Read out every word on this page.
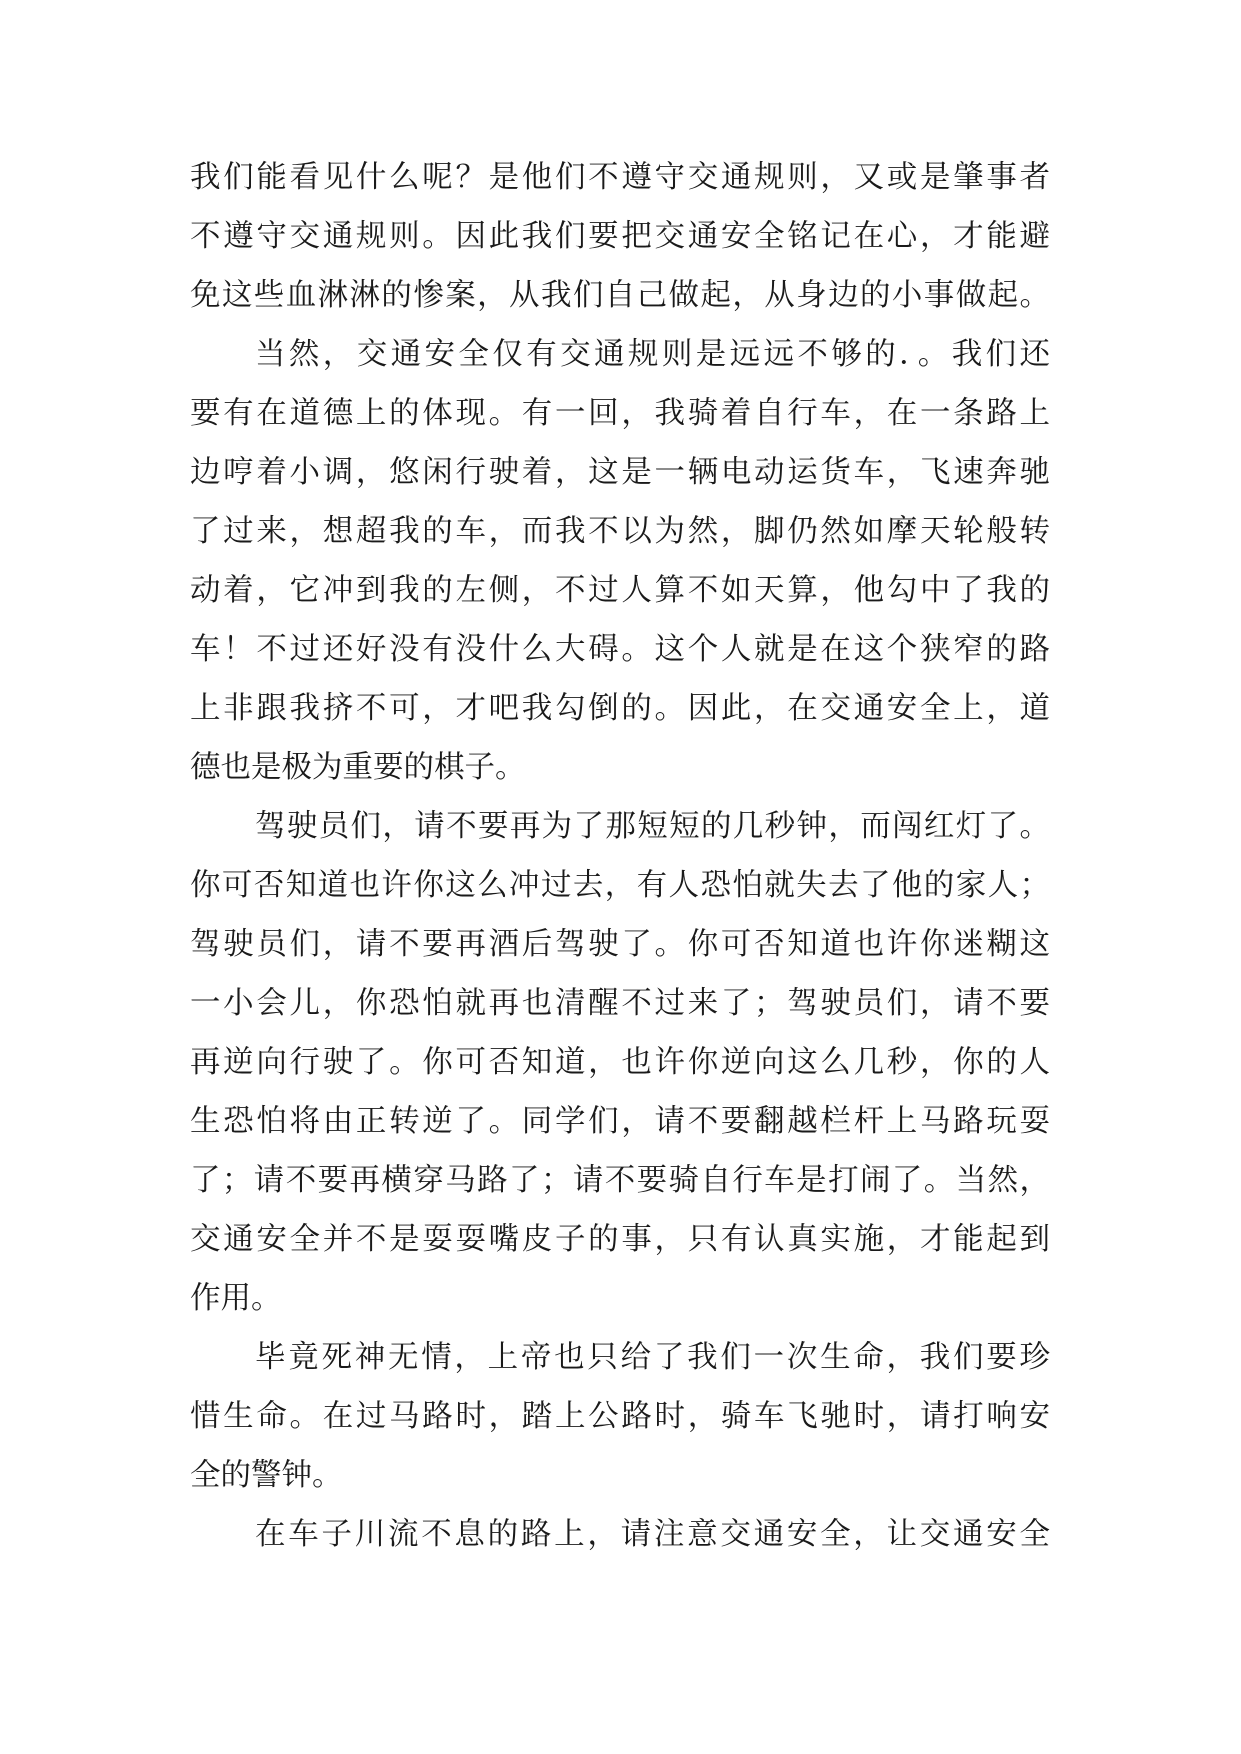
我们能看见什么呢？是他们不遵守交通规则，又或是肇事者
不遵守交通规则。因此我们要把交通安全铭记在心，才能避
免这些血淋淋的惨案，从我们自己做起，从身边的小事做起。
当然，交通安全仅有交通规则是远远不够的．。我们还
要有在道德上的体现。有一回，我骑着自行车，在一条路上
边哼着小调，悠闲行驶着，这是一辆电动运货车，飞速奔驰
了过来，想超我的车，而我不以为然，脚仍然如摩天轮般转
动着，它冲到我的左侧，不过人算不如天算，他勾中了我的
车！不过还好没有没什么大碍。这个人就是在这个狭窄的路
上非跟我挤不可，才吧我勾倒的。因此，在交通安全上，道
德也是极为重要的棋子。
驾驶员们，请不要再为了那短短的几秒钟，而闯红灯了。
你可否知道也许你这么冲过去，有人恐怕就失去了他的家人；
驾驶员们，请不要再酒后驾驶了。你可否知道也许你迷糊这
一小会儿，你恐怕就再也清醒不过来了；驾驶员们，请不要
再逆向行驶了。你可否知道，也许你逆向这么几秒，你的人
生恐怕将由正转逆了。同学们，请不要翻越栏杆上马路玩耍
了；请不要再横穿马路了；请不要骑自行车是打闹了。当然，
交通安全并不是耍耍嘴皮子的事，只有认真实施，才能起到
作用。
毕竟死神无情，上帝也只给了我们一次生命，我们要珍
惜生命。在过马路时，踏上公路时，骑车飞驰时，请打响安
全的警钟。
在车子川流不息的路上，请注意交通安全，让交通安全
